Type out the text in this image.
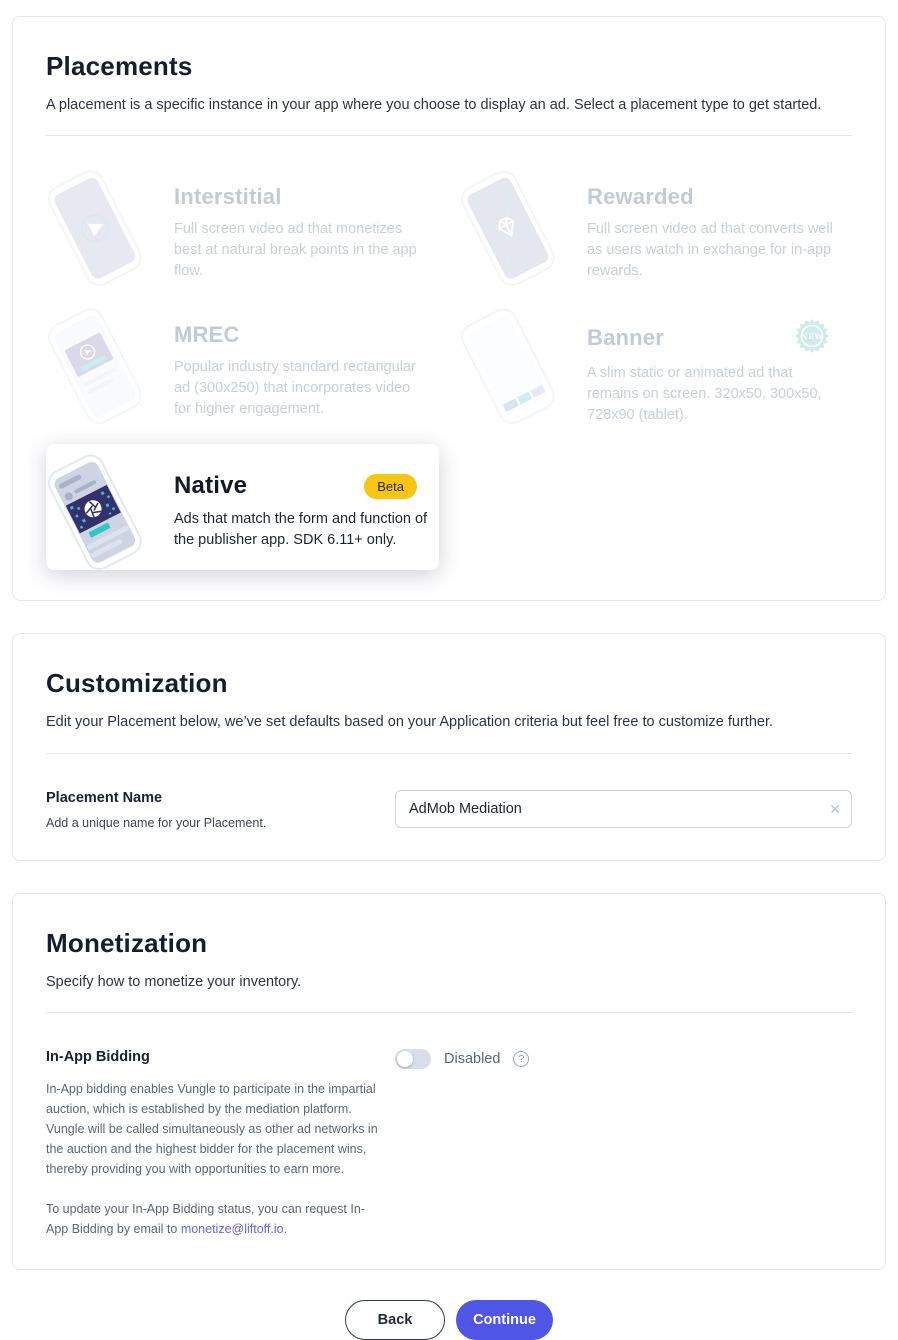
Placements

A placement is a specific instance in your app where you choose to display an ad. Select a placement type to get started.

Interstitial

Full screen video ad that monetizes best at natural break points in the app flow.

Rewarded

Full screen video ad that converts well as users watch in exchange for in-app rewards.

MREC

Popular industry standard rectangular ad (300x250) that incorporates video for higher engagement.

Banner	NEW

A slim static or animated ad that remains on screen. 320x50, 300x50, 728x90 (tablet).

Native	Beta

Ads that match the form and function of the publisher app. SDK 6.11+ only.

Customization

Edit your Placement below, we’ve set defaults based on your Application criteria but feel free to customize further.

Placement Name
Add a unique name for your Placement.
AdMob Mediation
✕
Monetization

Specify how to monetize your inventory.

In-App Bidding

In-App bidding enables Vungle to participate in the impartial auction, which is established by the mediation platform. Vungle will be called simultaneously as other ad networks in the auction and the highest bidder for the placement wins, thereby providing you with opportunities to earn more.

To update your In-App Bidding status, you can request In-App Bidding by email to monetize@liftoff.io.

Disabled	?
Back	Continue
